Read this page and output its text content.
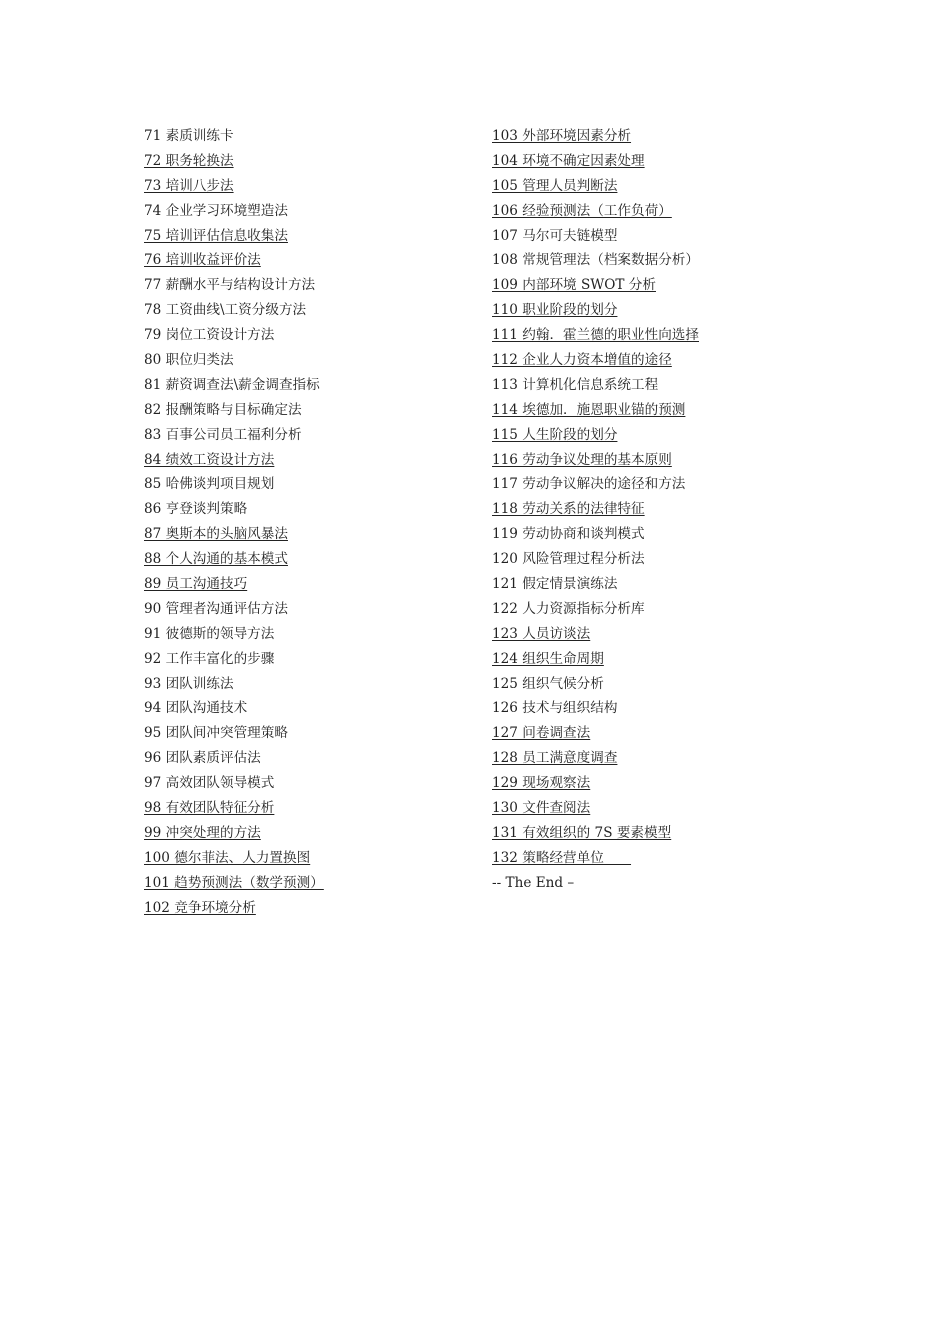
71 素质训练卡
72 职务轮换法
73 培训八步法
74 企业学习环境塑造法
75 培训评估信息收集法
76 培训收益评价法
77 薪酬水平与结构设计方法
78 工资曲线\工资分级方法
79 岗位工资设计方法
80 职位归类法
81 薪资调查法\薪金调查指标
82 报酬策略与目标确定法
83 百事公司员工福利分析
84 绩效工资设计方法
85 哈佛谈判项目规划
86 亨登谈判策略
87 奥斯本的头脑风暴法
88 个人沟通的基本模式
89 员工沟通技巧
90 管理者沟通评估方法
91 彼德斯的领导方法
92 工作丰富化的步骤
93 团队训练法
94 团队沟通技术
95 团队间冲突管理策略
96 团队素质评估法
97 高效团队领导模式
98 有效团队特征分析
99 冲突处理的方法
100 德尔菲法、人力置换图
101 趋势预测法（数学预测）
102 竞争环境分析
103 外部环境因素分析
104 环境不确定因素处理
105 管理人员判断法
106 经验预测法（工作负荷）
107 马尔可夫链模型
108 常规管理法（档案数据分析）
109 内部环境 SWOT 分析
110 职业阶段的划分
111 约翰．霍兰德的职业性向选择
112 企业人力资本增值的途径
113 计算机化信息系统工程
114 埃德加．施恩职业锚的预测
115 人生阶段的划分
116 劳动争议处理的基本原则
117 劳动争议解决的途径和方法
118 劳动关系的法律特征
119 劳动协商和谈判模式
120 风险管理过程分析法
121 假定情景演练法
122 人力资源指标分析库
123 人员访谈法
124 组织生命周期
125 组织气候分析
126 技术与组织结构
127 问卷调查法
128 员工满意度调查
129 现场观察法
130 文件查阅法
131 有效组织的 7S 要素模型
132 策略经营单位　　
-- The End –
